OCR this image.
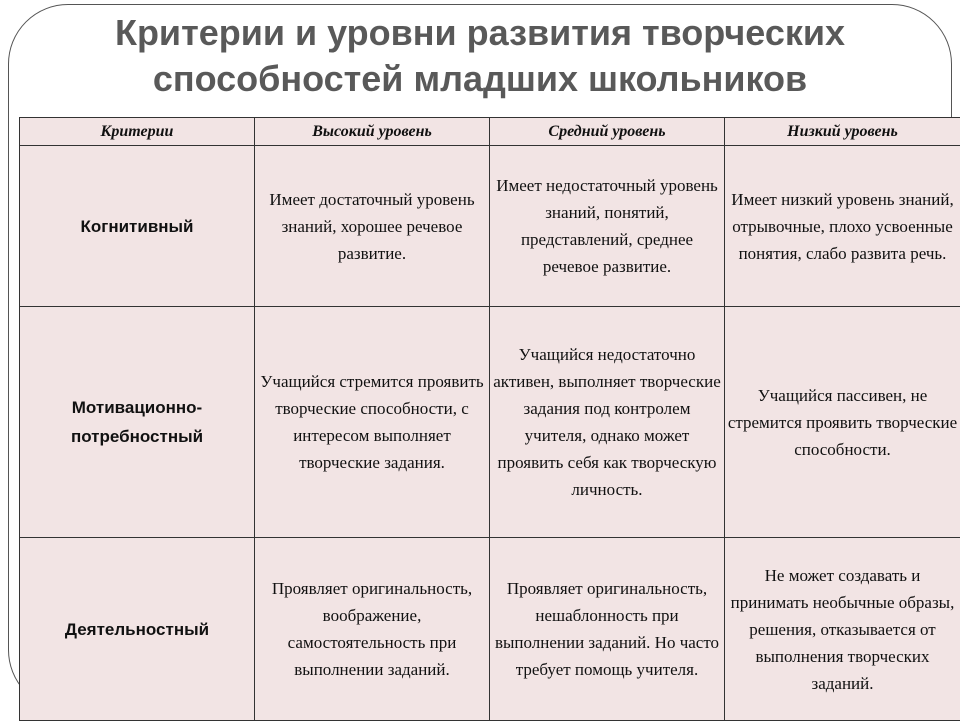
Критерии и уровни развития творческих
способностей младших школьников
Критерии	Высокий уровень	Средний уровень	Низкий уровень
Когнитивный	Имеет достаточный уровень знаний, хорошее речевое развитие.	Имеет недостаточный уровень знаний, понятий, представлений, среднее речевое развитие.	Имеет низкий уровень знаний, отрывочные, плохо усвоенные понятия, слабо развита речь.
Мотивационно-потребностный	Учащийся стремится проявить творческие способности, с интересом выполняет творческие задания.	Учащийся недостаточно активен, выполняет творческие задания под контролем учителя, однако может проявить себя как творческую личность.	Учащийся пассивен, не стремится проявить творческие способности.
Деятельностный	Проявляет оригинальность, воображение, самостоятельность при выполнении заданий.	Проявляет оригинальность, нешаблонность при выполнении заданий. Но часто требует помощь учителя.	Не может создавать и принимать необычные образы, решения, отказывается от выполнения творческих заданий.
